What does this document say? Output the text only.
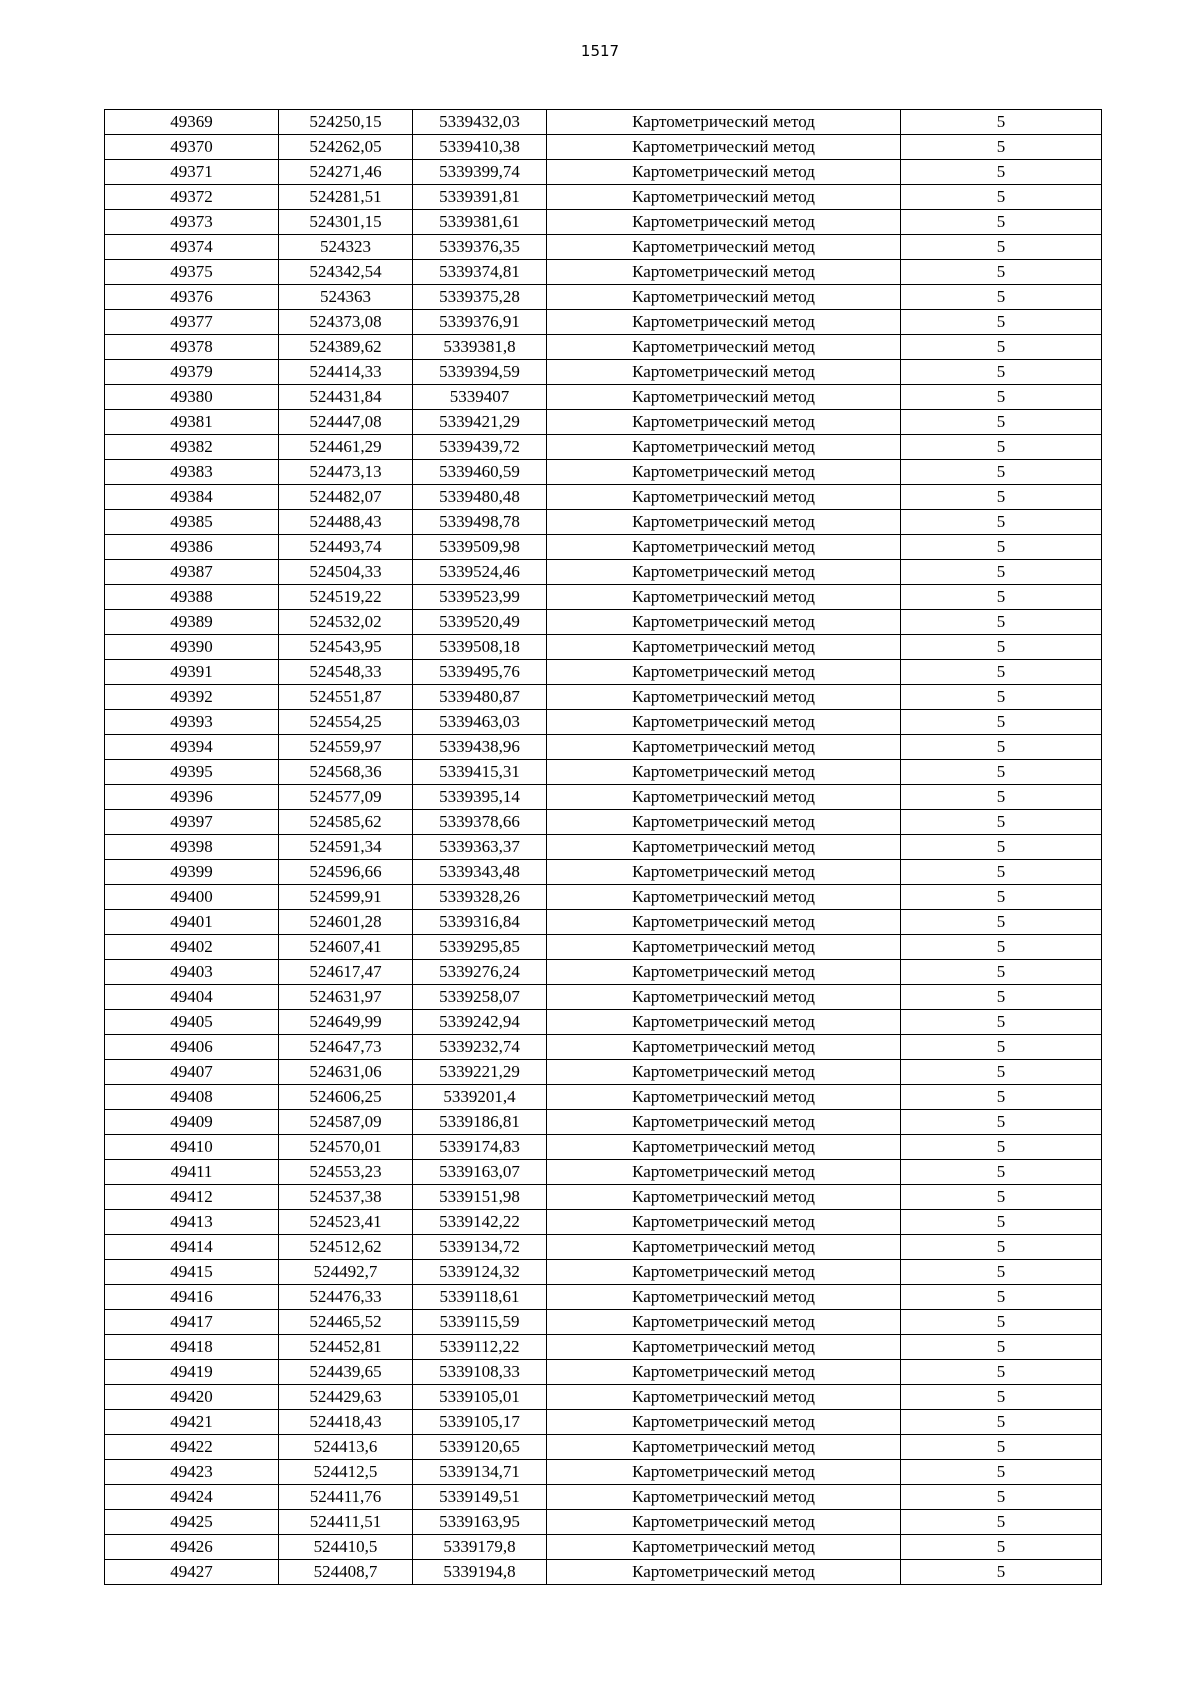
1517
49369	524250,15	5339432,03	Картометрический метод	5
49370	524262,05	5339410,38	Картометрический метод	5
49371	524271,46	5339399,74	Картометрический метод	5
49372	524281,51	5339391,81	Картометрический метод	5
49373	524301,15	5339381,61	Картометрический метод	5
49374	524323	5339376,35	Картометрический метод	5
49375	524342,54	5339374,81	Картометрический метод	5
49376	524363	5339375,28	Картометрический метод	5
49377	524373,08	5339376,91	Картометрический метод	5
49378	524389,62	5339381,8	Картометрический метод	5
49379	524414,33	5339394,59	Картометрический метод	5
49380	524431,84	5339407	Картометрический метод	5
49381	524447,08	5339421,29	Картометрический метод	5
49382	524461,29	5339439,72	Картометрический метод	5
49383	524473,13	5339460,59	Картометрический метод	5
49384	524482,07	5339480,48	Картометрический метод	5
49385	524488,43	5339498,78	Картометрический метод	5
49386	524493,74	5339509,98	Картометрический метод	5
49387	524504,33	5339524,46	Картометрический метод	5
49388	524519,22	5339523,99	Картометрический метод	5
49389	524532,02	5339520,49	Картометрический метод	5
49390	524543,95	5339508,18	Картометрический метод	5
49391	524548,33	5339495,76	Картометрический метод	5
49392	524551,87	5339480,87	Картометрический метод	5
49393	524554,25	5339463,03	Картометрический метод	5
49394	524559,97	5339438,96	Картометрический метод	5
49395	524568,36	5339415,31	Картометрический метод	5
49396	524577,09	5339395,14	Картометрический метод	5
49397	524585,62	5339378,66	Картометрический метод	5
49398	524591,34	5339363,37	Картометрический метод	5
49399	524596,66	5339343,48	Картометрический метод	5
49400	524599,91	5339328,26	Картометрический метод	5
49401	524601,28	5339316,84	Картометрический метод	5
49402	524607,41	5339295,85	Картометрический метод	5
49403	524617,47	5339276,24	Картометрический метод	5
49404	524631,97	5339258,07	Картометрический метод	5
49405	524649,99	5339242,94	Картометрический метод	5
49406	524647,73	5339232,74	Картометрический метод	5
49407	524631,06	5339221,29	Картометрический метод	5
49408	524606,25	5339201,4	Картометрический метод	5
49409	524587,09	5339186,81	Картометрический метод	5
49410	524570,01	5339174,83	Картометрический метод	5
49411	524553,23	5339163,07	Картометрический метод	5
49412	524537,38	5339151,98	Картометрический метод	5
49413	524523,41	5339142,22	Картометрический метод	5
49414	524512,62	5339134,72	Картометрический метод	5
49415	524492,7	5339124,32	Картометрический метод	5
49416	524476,33	5339118,61	Картометрический метод	5
49417	524465,52	5339115,59	Картометрический метод	5
49418	524452,81	5339112,22	Картометрический метод	5
49419	524439,65	5339108,33	Картометрический метод	5
49420	524429,63	5339105,01	Картометрический метод	5
49421	524418,43	5339105,17	Картометрический метод	5
49422	524413,6	5339120,65	Картометрический метод	5
49423	524412,5	5339134,71	Картометрический метод	5
49424	524411,76	5339149,51	Картометрический метод	5
49425	524411,51	5339163,95	Картометрический метод	5
49426	524410,5	5339179,8	Картометрический метод	5
49427	524408,7	5339194,8	Картометрический метод	5
